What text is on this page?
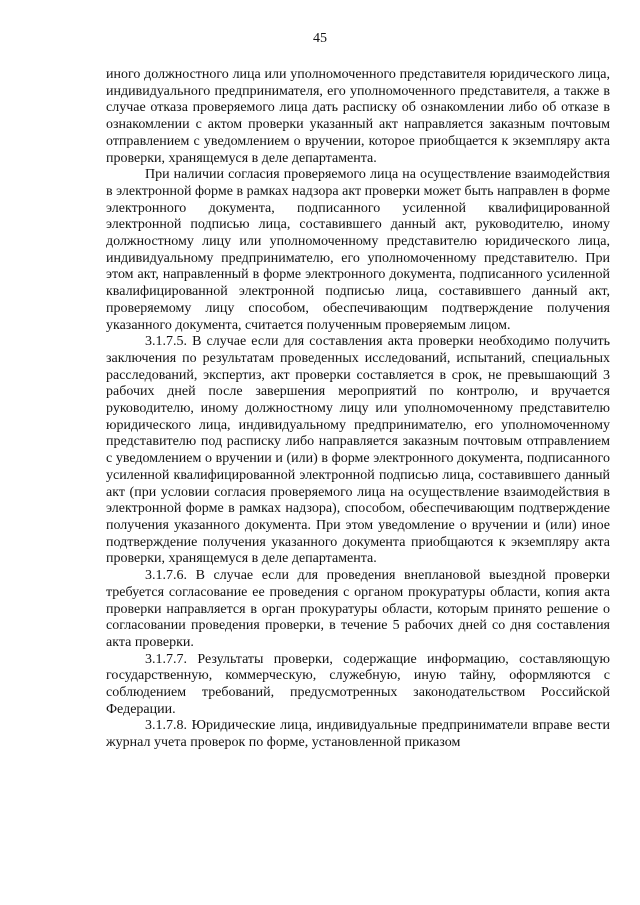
45

иного должностного лица или уполномоченного представителя юридического лица, индивидуального предпринимателя, его уполномоченного представителя, а также в случае отказа проверяемого лица дать расписку об ознакомлении либо об отказе в ознакомлении с актом проверки указанный акт направляется заказным почтовым отправлением с уведомлением о вручении, которое приобщается к экземпляру акта проверки, хранящемуся в деле департамента.

При наличии согласия проверяемого лица на осуществление взаимодействия в электронной форме в рамках надзора акт проверки может быть направлен в форме электронного документа, подписанного усиленной квалифицированной электронной подписью лица, составившего данный акт, руководителю, иному должностному лицу или уполномоченному представителю юридического лица, индивидуальному предпринимателю, его уполномоченному представителю. При этом акт, направленный в форме электронного документа, подписанного усиленной квалифицированной электронной подписью лица, составившего данный акт, проверяемому лицу способом, обеспечивающим подтверждение получения указанного документа, считается полученным проверяемым лицом.

3.1.7.5. В случае если для составления акта проверки необходимо получить заключения по результатам проведенных исследований, испытаний, специальных расследований, экспертиз, акт проверки составляется в срок, не превышающий 3 рабочих дней после завершения мероприятий по контролю, и вручается руководителю, иному должностному лицу или уполномоченному представителю юридического лица, индивидуальному предпринимателю, его уполномоченному представителю под расписку либо направляется заказным почтовым отправлением с уведомлением о вручении и (или) в форме электронного документа, подписанного усиленной квалифицированной электронной подписью лица, составившего данный акт (при условии согласия проверяемого лица на осуществление взаимодействия в электронной форме в рамках надзора), способом, обеспечивающим подтверждение получения указанного документа. При этом уведомление о вручении и (или) иное подтверждение получения указанного документа приобщаются к экземпляру акта проверки, хранящемуся в деле департамента.

3.1.7.6. В случае если для проведения внеплановой выездной проверки требуется согласование ее проведения с органом прокуратуры области, копия акта проверки направляется в орган прокуратуры области, которым принято решение о согласовании проведения проверки, в течение 5 рабочих дней со дня составления акта проверки.

3.1.7.7. Результаты проверки, содержащие информацию, составляющую государственную, коммерческую, служебную, иную тайну, оформляются с соблюдением требований, предусмотренных законодательством Российской Федерации.

3.1.7.8. Юридические лица, индивидуальные предприниматели вправе вести журнал учета проверок по форме, установленной приказом
